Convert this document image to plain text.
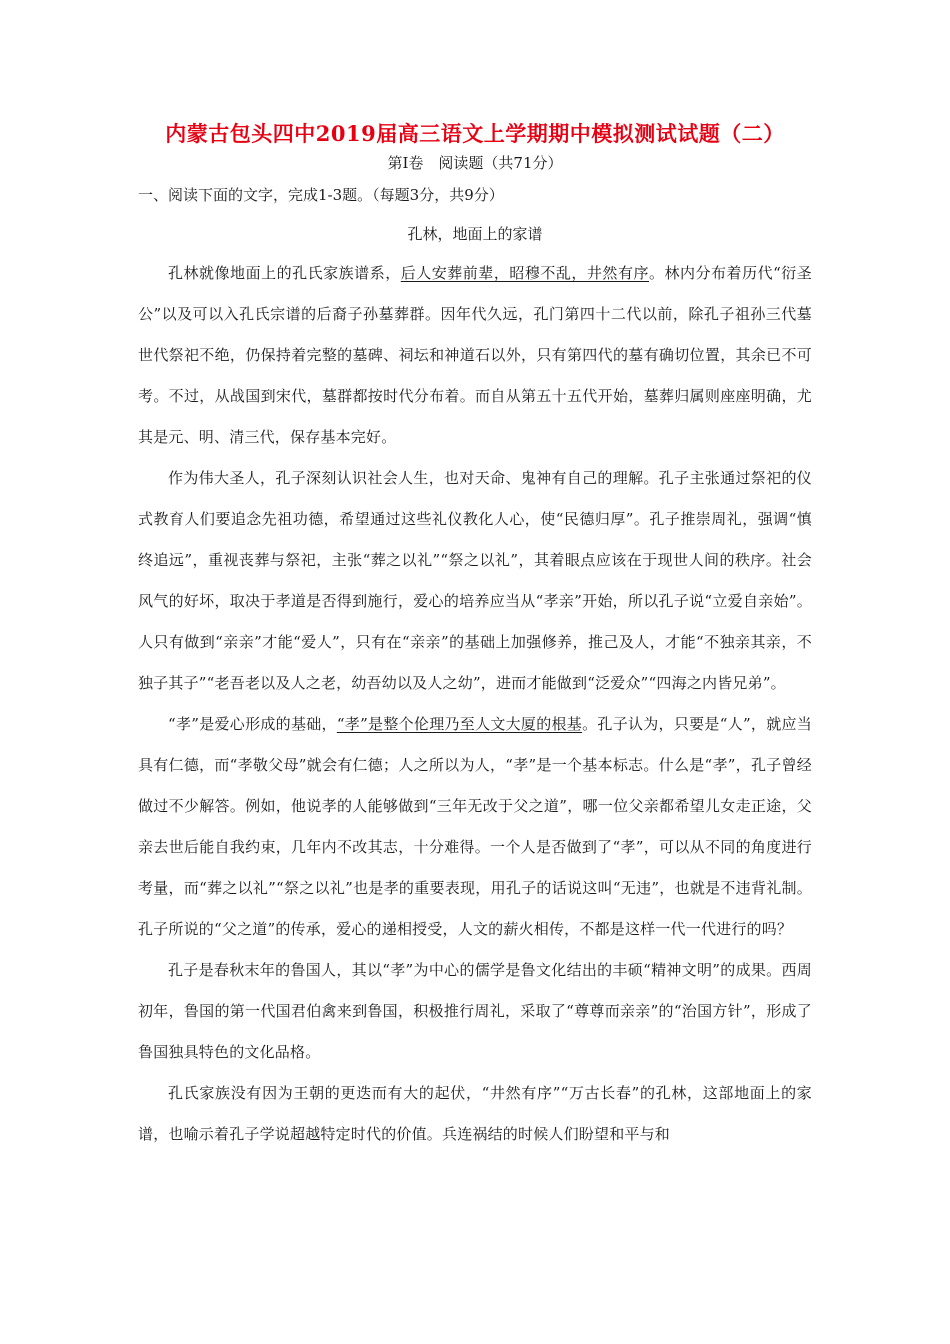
内蒙古包头四中2019届高三语文上学期期中模拟测试试题（二）
第Ⅰ卷　阅读题（共71分）
一、阅读下面的文字，完成1-3题。（每题3分，共9分）
孔林，地面上的家谱

孔林就像地面上的孔氏家族谱系，后人安葬前辈，昭穆不乱，井然有序。林内分布着历代“衍圣公”以及可以入孔氏宗谱的后裔子孙墓葬群。因年代久远，孔门第四十二代以前，除孔子祖孙三代墓世代祭祀不绝，仍保持着完整的墓碑、祠坛和神道石以外，只有第四代的墓有确切位置，其余已不可考。不过，从战国到宋代，墓群都按时代分布着。而自从第五十五代开始，墓葬归属则座座明确，尤其是元、明、清三代，保存基本完好。

作为伟大圣人，孔子深刻认识社会人生，也对天命、鬼神有自己的理解。孔子主张通过祭祀的仪式教育人们要追念先祖功德，希望通过这些礼仪教化人心，使“民德归厚”。孔子推崇周礼，强调“慎终追远”，重视丧葬与祭祀，主张“葬之以礼”“祭之以礼”，其着眼点应该在于现世人间的秩序。社会风气的好坏，取决于孝道是否得到施行，爱心的培养应当从“孝亲”开始，所以孔子说“立爱自亲始”。人只有做到“亲亲”才能“爱人”，只有在“亲亲”的基础上加强修养，推己及人，才能“不独亲其亲，不独子其子”“老吾老以及人之老，幼吾幼以及人之幼”，进而才能做到“泛爱众”“四海之内皆兄弟”。

“孝”是爱心形成的基础，“孝”是整个伦理乃至人文大厦的根基。孔子认为，只要是“人”，就应当具有仁德，而“孝敬父母”就会有仁德；人之所以为人，“孝”是一个基本标志。什么是“孝”，孔子曾经做过不少解答。例如，他说孝的人能够做到“三年无改于父之道”，哪一位父亲都希望儿女走正途，父亲去世后能自我约束，几年内不改其志，十分难得。一个人是否做到了“孝”，可以从不同的角度进行考量，而“葬之以礼”“祭之以礼”也是孝的重要表现，用孔子的话说这叫“无违”，也就是不违背礼制。孔子所说的“父之道”的传承，爱心的递相授受，人文的薪火相传，不都是这样一代一代进行的吗？

孔子是春秋末年的鲁国人，其以“孝”为中心的儒学是鲁文化结出的丰硕“精神文明”的成果。西周初年，鲁国的第一代国君伯禽来到鲁国，积极推行周礼，采取了“尊尊而亲亲”的“治国方针”，形成了鲁国独具特色的文化品格。

孔氏家族没有因为王朝的更迭而有大的起伏，“井然有序”“万古长春”的孔林，这部地面上的家谱，也喻示着孔子学说超越特定时代的价值。兵连祸结的时候人们盼望和平与和
